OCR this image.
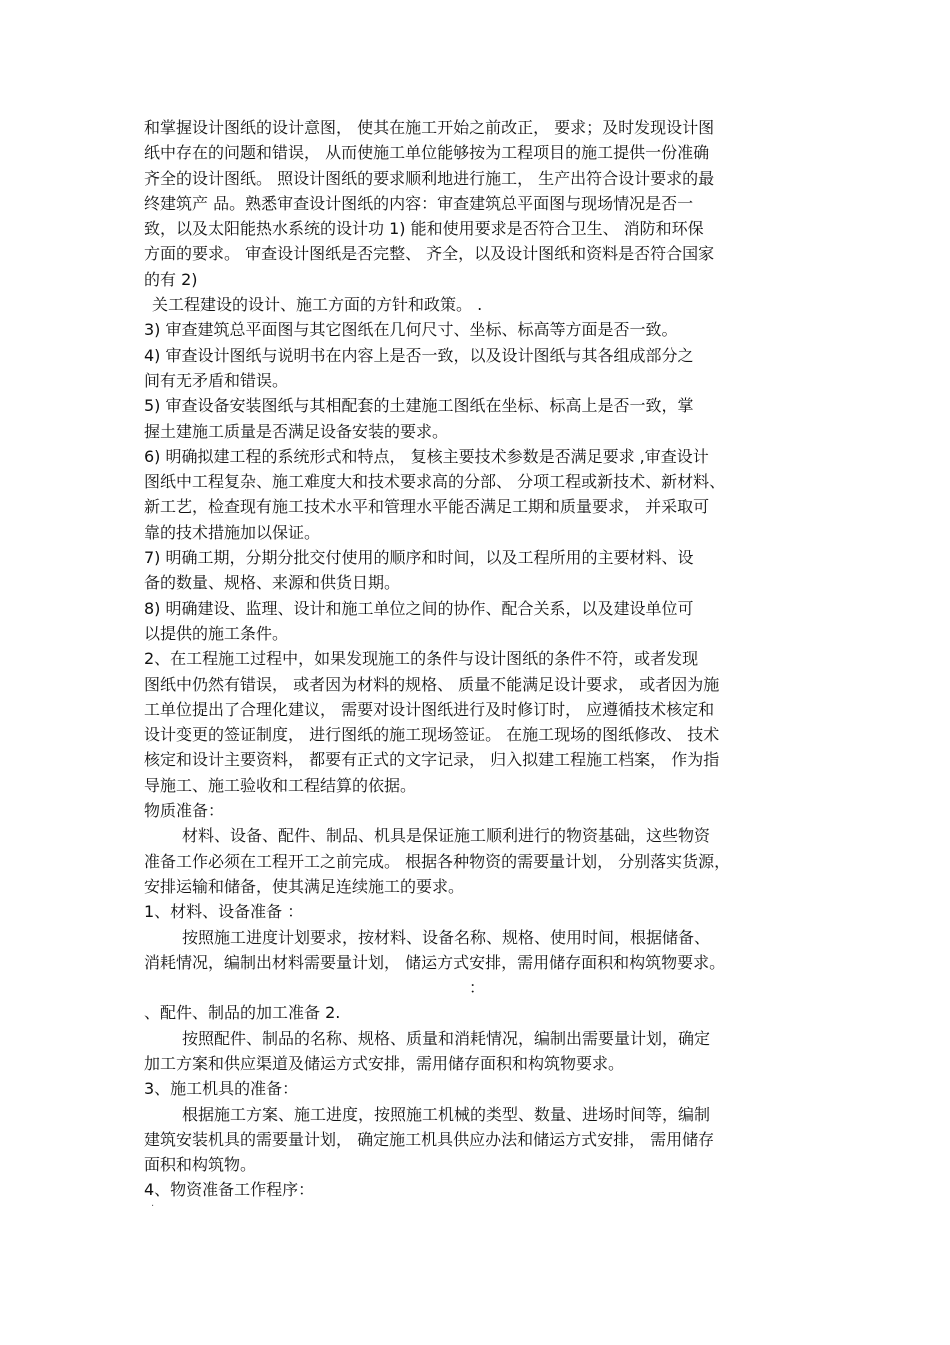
和掌握设计图纸的设计意图， 使其在施工开始之前改正， 要求；及时发现设计图
纸中存在的问题和错误， 从而使施工单位能够按为工程项目的施工提供一份准确
齐全的设计图纸。 照设计图纸的要求顺利地进行施工， 生产出符合设计要求的最
终建筑产 品。熟悉审查设计图纸的内容：审查建筑总平面图与现场情况是否一
致，以及太阳能热水系统的设计功 1) 能和使用要求是否符合卫生、 消防和环保
方面的要求。 审查设计图纸是否完整、 齐全，以及设计图纸和资料是否符合国家
的有 2)
关工程建设的设计、施工方面的方针和政策。 .
3) 审查建筑总平面图与其它图纸在几何尺寸、坐标、标高等方面是否一致。
4) 审查设计图纸与说明书在内容上是否一致，以及设计图纸与其各组成部分之
间有无矛盾和错误。
5) 审查设备安装图纸与其相配套的土建施工图纸在坐标、标高上是否一致，掌
握土建施工质量是否满足设备安装的要求。
6) 明确拟建工程的系统形式和特点， 复核主要技术参数是否满足要求 ,审查设计
图纸中工程复杂、施工难度大和技术要求高的分部、 分项工程或新技术、新材料、
新工艺，检查现有施工技术水平和管理水平能否满足工期和质量要求， 并采取可
靠的技术措施加以保证。
7) 明确工期，分期分批交付使用的顺序和时间，以及工程所用的主要材料、设
备的数量、规格、来源和供货日期。
8) 明确建设、监理、设计和施工单位之间的协作、配合关系，以及建设单位可
以提供的施工条件。
2、在工程施工过程中，如果发现施工的条件与设计图纸的条件不符，或者发现
图纸中仍然有错误， 或者因为材料的规格、 质量不能满足设计要求， 或者因为施
工单位提出了合理化建议， 需要对设计图纸进行及时修订时， 应遵循技术核定和
设计变更的签证制度， 进行图纸的施工现场签证。 在施工现场的图纸修改、 技术
核定和设计主要资料， 都要有正式的文字记录， 归入拟建工程施工档案， 作为指
导施工、施工验收和工程结算的依据。
物质准备：
材料、设备、配件、制品、机具是保证施工顺利进行的物资基础，这些物资
准备工作必须在工程开工之前完成。 根据各种物资的需要量计划， 分别落实货源，
安排运输和储备，使其满足连续施工的要求。
1、材料、设备准备 ：
按照施工进度计划要求，按材料、设备名称、规格、使用时间，根据储备、
消耗情况，编制出材料需要量计划， 储运方式安排，需用储存面积和构筑物要求。
：
、配件、制品的加工准备 2.
按照配件、制品的名称、规格、质量和消耗情况，编制出需要量计划，确定
加工方案和供应渠道及储运方式安排，需用储存面积和构筑物要求。
3、施工机具的准备：
根据施工方案、施工进度，按照施工机械的类型、数量、进场时间等，编制
建筑安装机具的需要量计划， 确定施工机具供应办法和储运方式安排， 需用储存
面积和构筑物。
4、物资准备工作程序：
.
